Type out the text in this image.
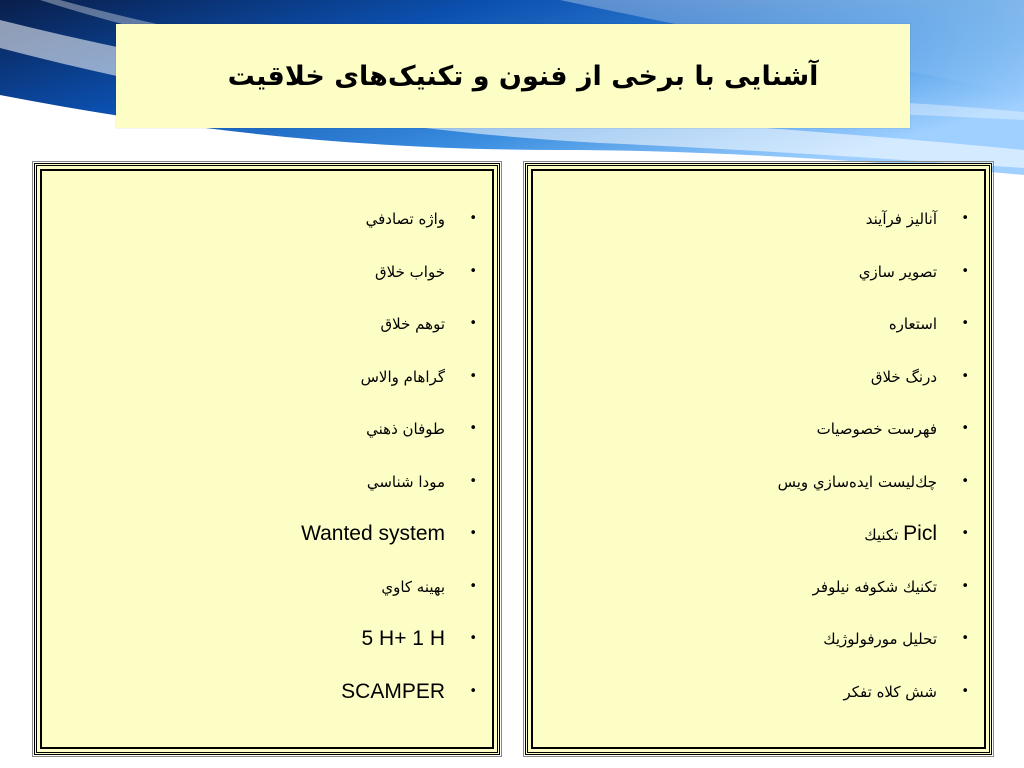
آشنايی با برخی از فنون و تکنیک‌های خلاقیت
•
آناليز فرآيند
•
تصوير سازي
•
استعاره
•
درنگ خلاق
•
فهرست خصوصيات
•
چك‌ليست ايده‌سازي ويس
•
Picl تكنيك
•
تكنيك شكوفه نيلوفر
•
تحليل مورفولوژيك
•
شش كلاه تفكر
•
واژه تصادفي
•
خواب خلاق
•
توهم خلاق
•
گراهام والاس
•
طوفان ذهني
•
مودا شناسي
•
Wanted system
•
بهينه كاوي
•
5 H+ 1 H
•
SCAMPER
